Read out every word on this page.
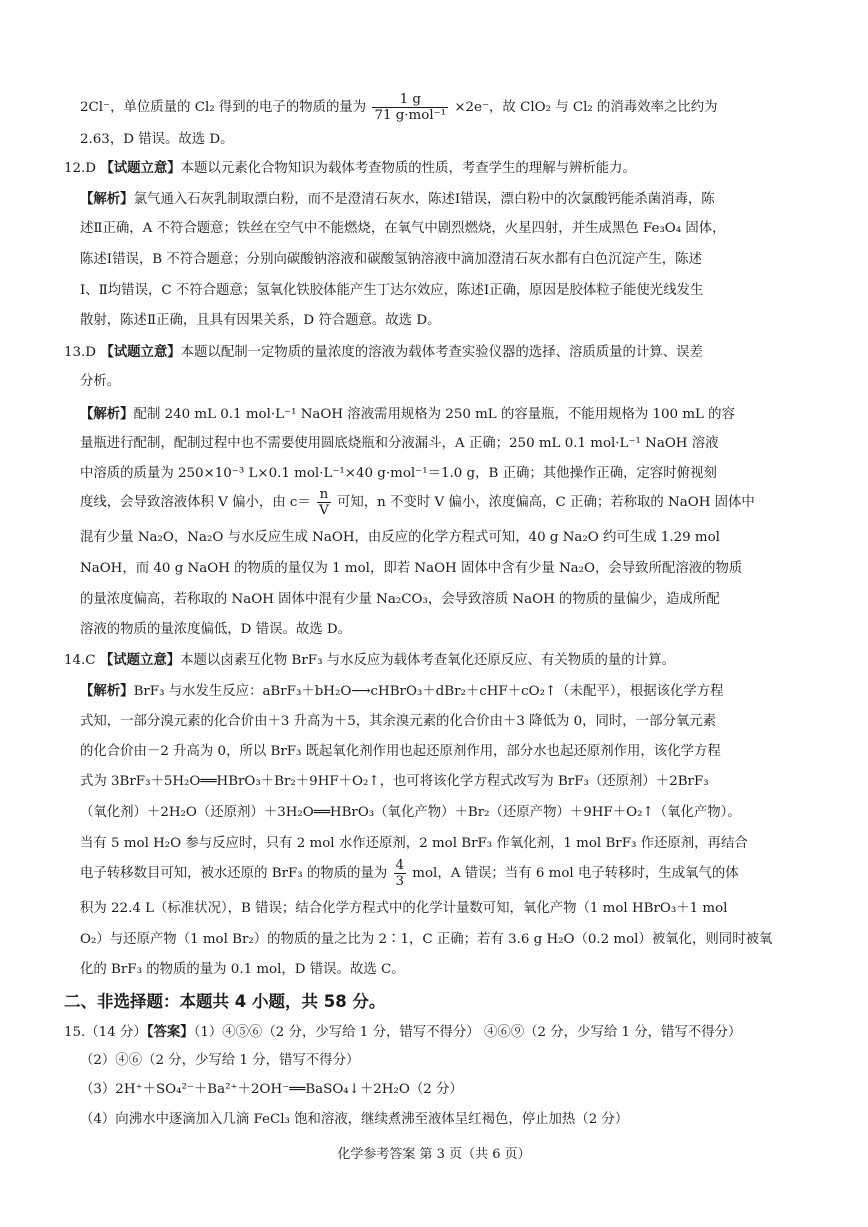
2Cl⁻，单位质量的 Cl₂ 得到的电子的物质的量为 $\frac{1 g}{\text{71 g·mol⁻¹}} \times 2e^-$，故 ClO₂ 与 Cl₂ 的消毒效率之比约为
2.63，D 错误。故选 D。
12.D 【试题立意】本题以元素化合物知识为载体考查物质的性质，考查学生的理解与辨析能力。
【解析】氯气通入石灰乳制取漂白粉，而不是澄清石灰水，陈述Ⅰ错误，漂白粉中的次氯酸钙能杀菌消毒，陈
述Ⅱ正确，A 不符合题意；铁丝在空气中不能燃烧，在氧气中剧烈燃烧，火星四射，并生成黑色 Fe₃O₄ 固体，
陈述Ⅰ错误，B 不符合题意；分别向碳酸钠溶液和碳酸氢钠溶液中滴加澄清石灰水都有白色沉淀产生，陈述
Ⅰ、Ⅱ均错误，C 不符合题意；氢氧化铁胶体能产生丁达尔效应，陈述Ⅰ正确，原因是胶体粒子能使光线发生
散射，陈述Ⅱ正确，且具有因果关系，D 符合题意。故选 D。
13.D 【试题立意】本题以配制一定物质的量浓度的溶液为载体考查实验仪器的选择、溶质质量的计算、误差
分析。
【解析】配制 240 mL 0.1 mol·L⁻¹ NaOH 溶液需用规格为 250 mL 的容量瓶，不能用规格为 100 mL 的容
量瓶进行配制，配制过程中也不需要使用圆底烧瓶和分液漏斗，A 正确；250 mL 0.1 mol·L⁻¹ NaOH 溶液
中溶质的质量为 250×10⁻³ L×0.1 mol·L⁻¹×40 g·mol⁻¹＝1.0 g，B 正确；其他操作正确，定容时俯视刻
度线，会导致溶液体积 V 偏小，由 $c= \frac{n}{V}$ 可知，n 不变时 V 偏小，浓度偏高，C 正确；若称取的 NaOH 固体中
混有少量 Na₂O，Na₂O 与水反应生成 NaOH，由反应的化学方程式可知，40 g Na₂O 约可生成 1.29 mol
NaOH，而 40 g NaOH 的物质的量仅为 1 mol，即若 NaOH 固体中含有少量 Na₂O，会导致所配溶液的物质
的量浓度偏高，若称取的 NaOH 固体中混有少量 Na₂CO₃，会导致溶质 NaOH 的物质的量偏少，造成所配
溶液的物质的量浓度偏低，D 错误。故选 D。
14.C 【试题立意】本题以卤素互化物 BrF₃ 与水反应为载体考查氧化还原反应、有关物质的量的计算。
【解析】BrF₃ 与水发生反应：aBrF₃＋bH₂O⟶cHBrO₃＋dBr₂＋cHF＋cO₂↑（未配平），根据该化学方程
式知，一部分溴元素的化合价由＋3 升高为＋5，其余溴元素的化合价由＋3 降低为 0，同时，一部分氧元素
的化合价由－2 升高为 0，所以 BrF₃ 既起氧化剂作用也起还原剂作用，部分水也起还原剂作用，该化学方程
式为 3BrF₃＋5H₂O══HBrO₃＋Br₂＋9HF＋O₂↑，也可将该化学方程式改写为 BrF₃（还原剂）＋2BrF₃
（氧化剂）＋2H₂O（还原剂）＋3H₂O══HBrO₃（氧化产物）＋Br₂（还原产物）＋9HF＋O₂↑（氧化产物）。
当有 5 mol H₂O 参与反应时，只有 2 mol 水作还原剂，2 mol BrF₃ 作氧化剂，1 mol BrF₃ 作还原剂，再结合
电子转移数目可知，被水还原的 BrF₃ 的物质的量为 $\frac{4}{3}$ mol，A 错误；当有 6 mol 电子转移时，生成氧气的体
积为 22.4 L（标准状况），B 错误；结合化学方程式中的化学计量数可知，氧化产物（1 mol HBrO₃＋1 mol
O₂）与还原产物（1 mol Br₂）的物质的量之比为 2∶1，C 正确；若有 3.6 g H₂O（0.2 mol）被氧化，则同时被氧
化的 BrF₃ 的物质的量为 0.1 mol，D 错误。故选 C。
二、非选择题：本题共 4 小题，共 58 分。
15.（14 分）【答案】（1）④⑤⑥（2 分，少写给 1 分，错写不得分） ④⑥⑨（2 分，少写给 1 分，错写不得分）
（2）④⑥（2 分，少写给 1 分，错写不得分）
（3）2H⁺＋SO₄²⁻＋Ba²⁺＋2OH⁻══BaSO₄↓＋2H₂O（2 分）
（4）向沸水中逐滴加入几滴 FeCl₃ 饱和溶液，继续煮沸至液体呈红褐色，停止加热（2 分）
化学参考答案 第 3 页（共 6 页）
